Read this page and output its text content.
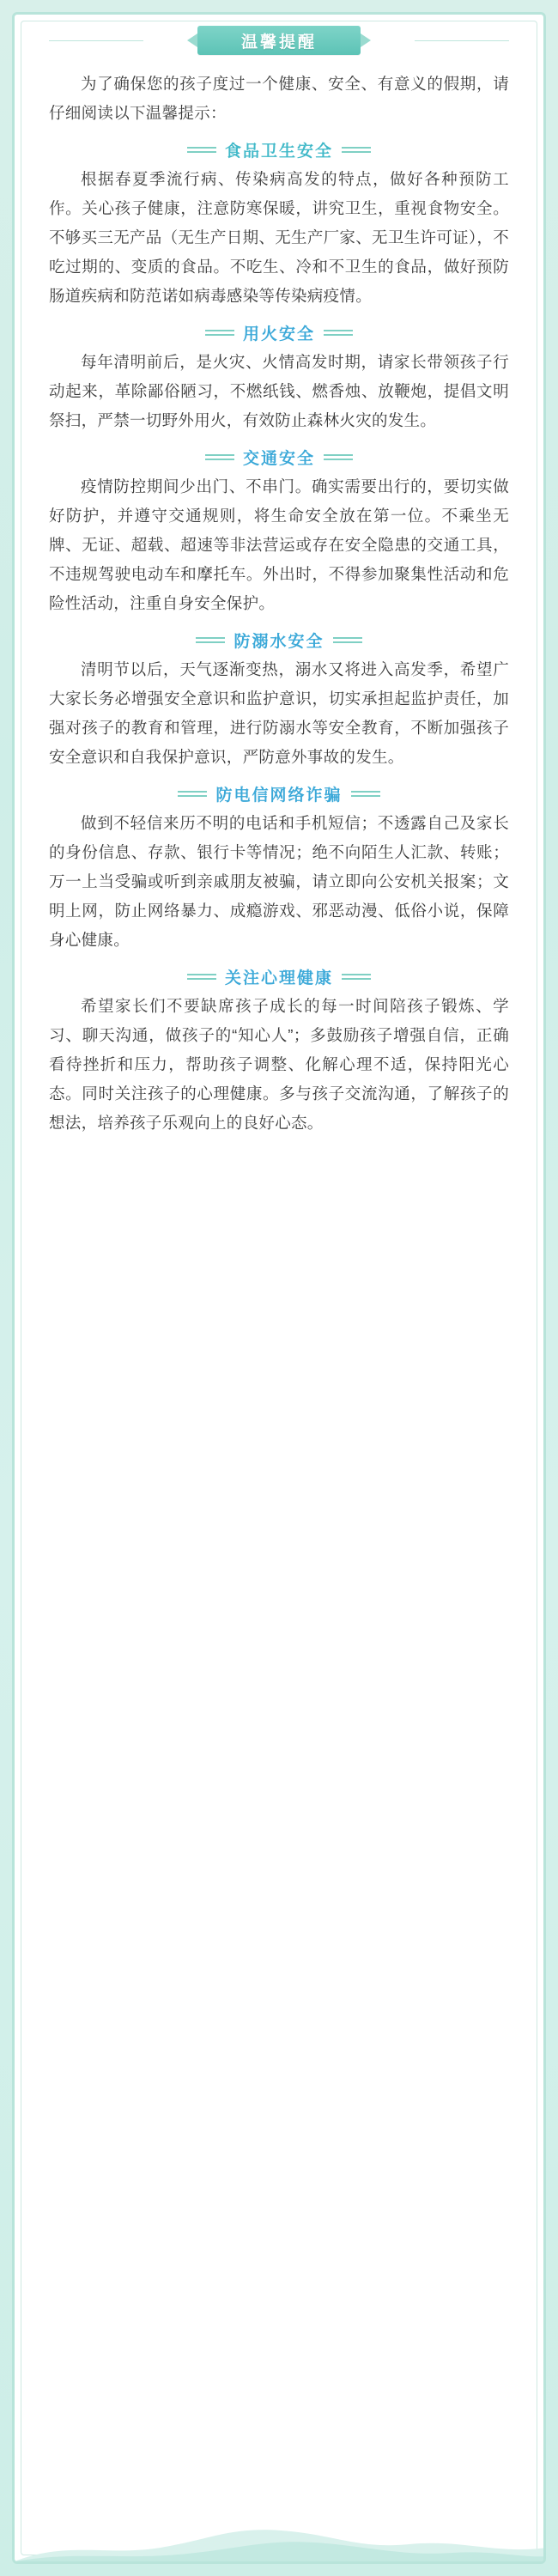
温馨提醒

为了确保您的孩子度过一个健康、安全、有意义的假期，请仔细阅读以下温馨提示：

食品卫生安全

根据春夏季流行病、传染病高发的特点，做好各种预防工作。关心孩子健康，注意防寒保暖，讲究卫生，重视食物安全。不够买三无产品（无生产日期、无生产厂家、无卫生许可证），不吃过期的、变质的食品。不吃生、冷和不卫生的食品，做好预防肠道疾病和防范诺如病毒感染等传染病疫情。

用火安全

每年清明前后，是火灾、火情高发时期，请家长带领孩子行动起来，革除鄙俗陋习，不燃纸钱、燃香烛、放鞭炮，提倡文明祭扫，严禁一切野外用火，有效防止森林火灾的发生。

交通安全

疫情防控期间少出门、不串门。确实需要出行的，要切实做好防护，并遵守交通规则，将生命安全放在第一位。不乘坐无牌、无证、超载、超速等非法营运或存在安全隐患的交通工具，不违规驾驶电动车和摩托车。外出时，不得参加聚集性活动和危险性活动，注重自身安全保护。

防溺水安全

清明节以后，天气逐渐变热，溺水又将进入高发季，希望广大家长务必增强安全意识和监护意识，切实承担起监护责任，加强对孩子的教育和管理，进行防溺水等安全教育，不断加强孩子安全意识和自我保护意识，严防意外事故的发生。

防电信网络诈骗

做到不轻信来历不明的电话和手机短信；不透露自己及家长的身份信息、存款、银行卡等情况；绝不向陌生人汇款、转账；万一上当受骗或听到亲戚朋友被骗，请立即向公安机关报案；文明上网，防止网络暴力、成瘾游戏、邪恶动漫、低俗小说，保障身心健康。

关注心理健康

希望家长们不要缺席孩子成长的每一时间陪孩子锻炼、学习、聊天沟通，做孩子的“知心人”；多鼓励孩子增强自信，正确看待挫折和压力，帮助孩子调整、化解心理不适，保持阳光心态。同时关注孩子的心理健康。多与孩子交流沟通，了解孩子的想法，培养孩子乐观向上的良好心态。
